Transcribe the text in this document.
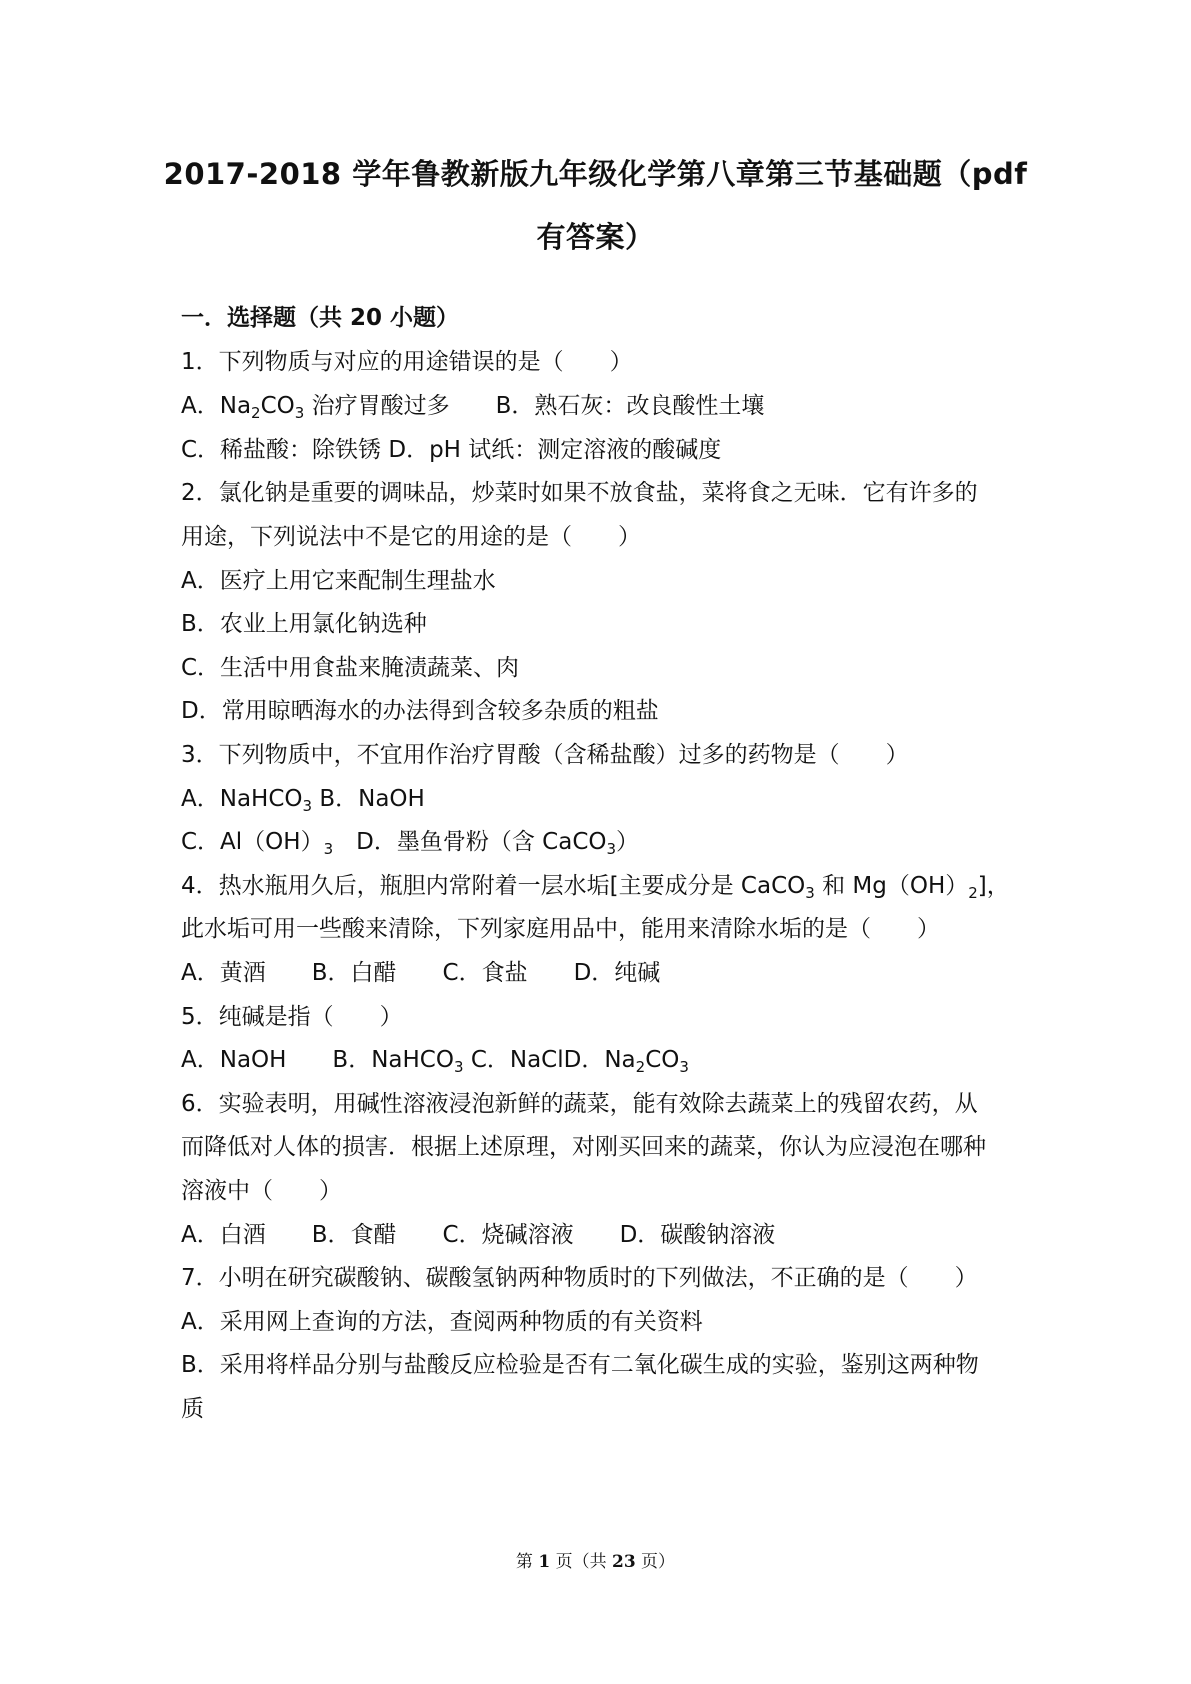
2017-2018 学年鲁教新版九年级化学第八章第三节基础题（pdf
有答案）
一．选择题（共 20 小题）
1．下列物质与对应的用途错误的是（　　）
A．$Na_2CO_3$ 治疗胃酸过多　　B．熟石灰：改良酸性土壤
C．稀盐酸：除铁锈 D．pH 试纸：测定溶液的酸碱度
2．氯化钠是重要的调味品，炒菜时如果不放食盐，菜将食之无味．它有许多的
用途，下列说法中不是它的用途的是（　　）
A．医疗上用它来配制生理盐水
B．农业上用氯化钠选种
C．生活中用食盐来腌渍蔬菜、肉
D．常用晾晒海水的办法得到含较多杂质的粗盐
3．下列物质中，不宜用作治疗胃酸（含稀盐酸）过多的药物是（　　）
A．NaHCO$_3$ B．NaOH
C．$Al(OH)_3$　D．墨鱼骨粉（含 CaCO$_3$）
4．热水瓶用久后，瓶胆内常附着一层水垢[主要成分是 CaCO$_3$ 和 $Mg(OH)_2$]，
此水垢可用一些酸来清除，下列家庭用品中，能用来清除水垢的是（　　）
A．黄酒　　B．白醋　　C．食盐　　D．纯碱
5．纯碱是指（　　）
A．NaOH　　B．NaHCO$_3$ C．NaClD．$Na_2CO_3$
6．实验表明，用碱性溶液浸泡新鲜的蔬菜，能有效除去蔬菜上的残留农药，从
而降低对人体的损害．根据上述原理，对刚买回来的蔬菜，你认为应浸泡在哪种
溶液中（　　）
A．白酒　　B．食醋　　C．烧碱溶液　　D．碳酸钠溶液
7．小明在研究碳酸钠、碳酸氢钠两种物质时的下列做法，不正确的是（　　）
A．采用网上查询的方法，查阅两种物质的有关资料
B．采用将样品分别与盐酸反应检验是否有二氧化碳生成的实验，鉴别这两种物
质
第 1 页（共 23 页）
